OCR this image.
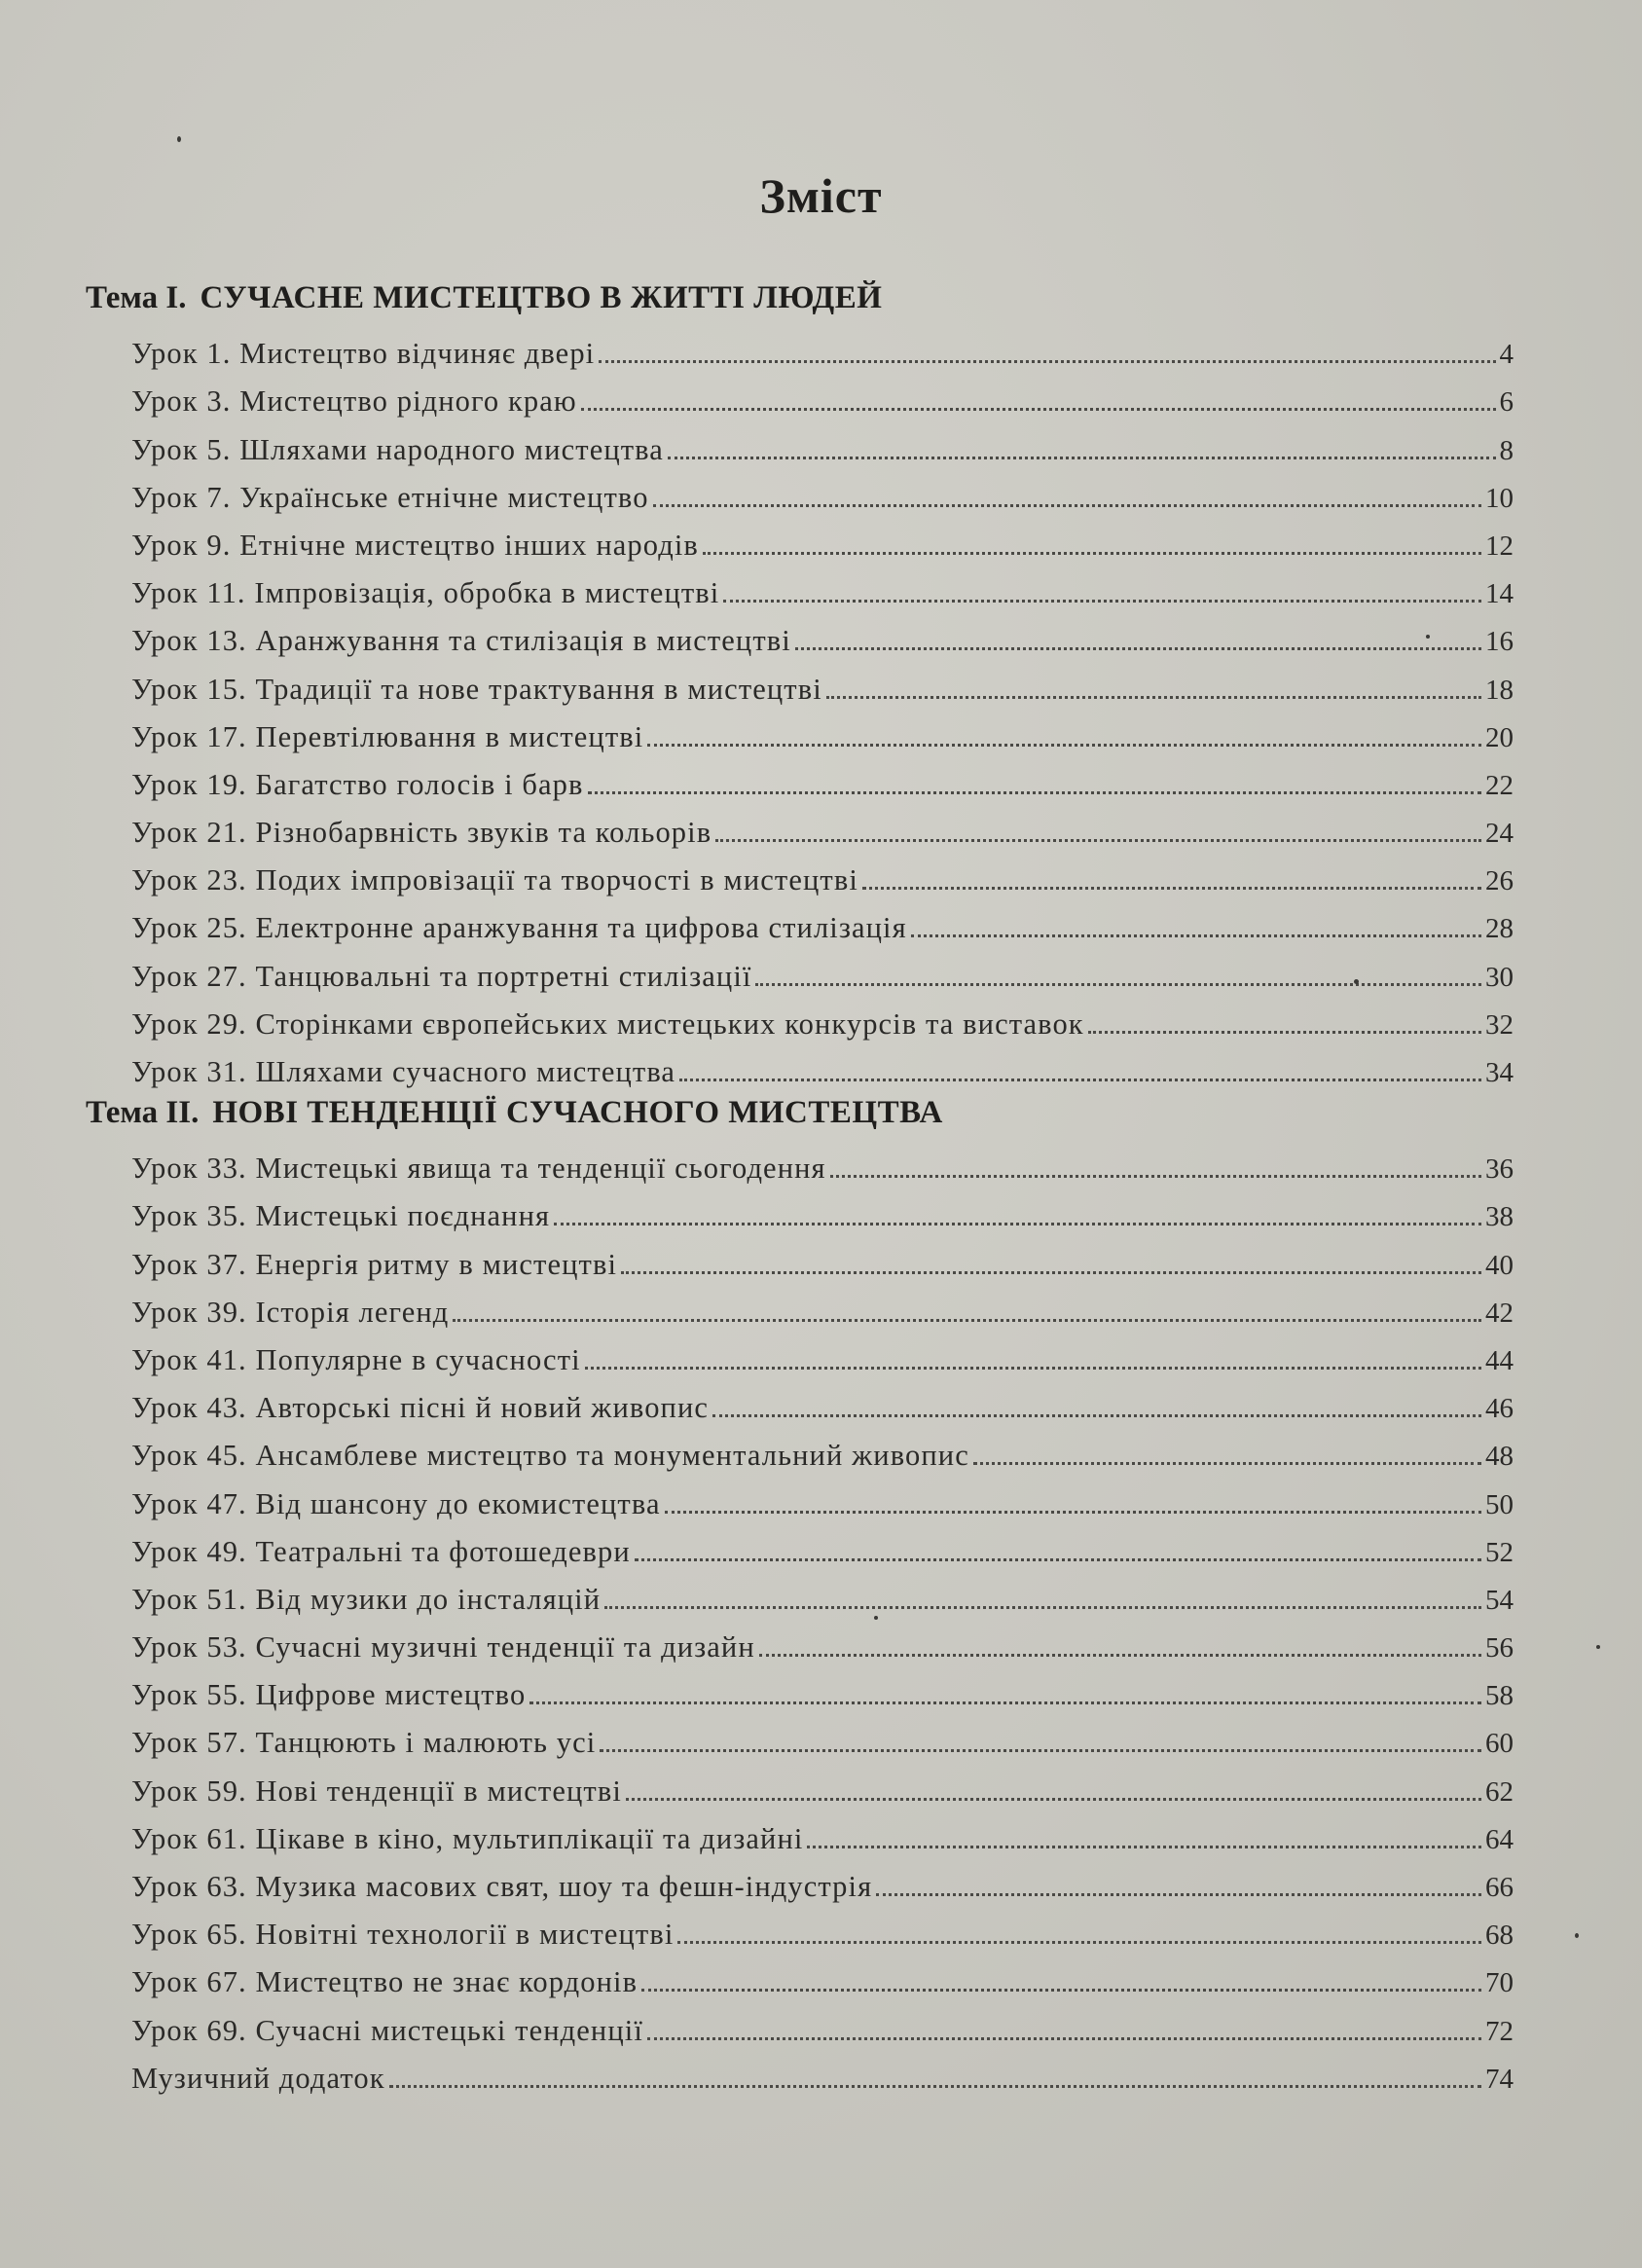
Зміст
Тема І. СУЧАСНЕ МИСТЕЦТВО В ЖИТТІ ЛЮДЕЙ
Урок 1. Мистецтво відчиняє двері	4
Урок 3. Мистецтво рідного краю	6
Урок 5. Шляхами народного мистецтва	8
Урок 7. Українське етнічне мистецтво	10
Урок 9. Етнічне мистецтво інших народів	12
Урок 11. Імпровізація, обробка в мистецтві	14
Урок 13. Аранжування та стилізація в мистецтві	16
Урок 15. Традиції та нове трактування в мистецтві	18
Урок 17. Перевтілювання в мистецтві	20
Урок 19. Багатство голосів і барв	22
Урок 21. Різнобарвність звуків та кольорів	24
Урок 23. Подих імпровізації та творчості в мистецтві	26
Урок 25. Електронне аранжування та цифрова стилізація	28
Урок 27. Танцювальні та портретні стилізації	30
Урок 29. Сторінками європейських мистецьких конкурсів та виставок	32
Урок 31. Шляхами сучасного мистецтва	34
Тема ІІ. НОВІ ТЕНДЕНЦІЇ СУЧАСНОГО МИСТЕЦТВА
Урок 33. Мистецькі явища та тенденції сьогодення	36
Урок 35. Мистецькі поєднання	38
Урок 37. Енергія ритму в мистецтві	40
Урок 39. Історія легенд	42
Урок 41. Популярне в сучасності	44
Урок 43. Авторські пісні й новий живопис	46
Урок 45. Ансамблеве мистецтво та монументальний живопис	48
Урок 47. Від шансону до екомистецтва	50
Урок 49. Театральні та фотошедеври	52
Урок 51. Від музики до інсталяцій	54
Урок 53. Сучасні музичні тенденції та дизайн	56
Урок 55. Цифрове мистецтво	58
Урок 57. Танцюють і малюють усі	60
Урок 59. Нові тенденції в мистецтві	62
Урок 61. Цікаве в кіно, мультиплікації та дизайні	64
Урок 63. Музика масових свят, шоу та фешн-індустрія	66
Урок 65. Новітні технології в мистецтві	68
Урок 67. Мистецтво не знає кордонів	70
Урок 69. Сучасні мистецькі тенденції	72
Музичний додаток	74
